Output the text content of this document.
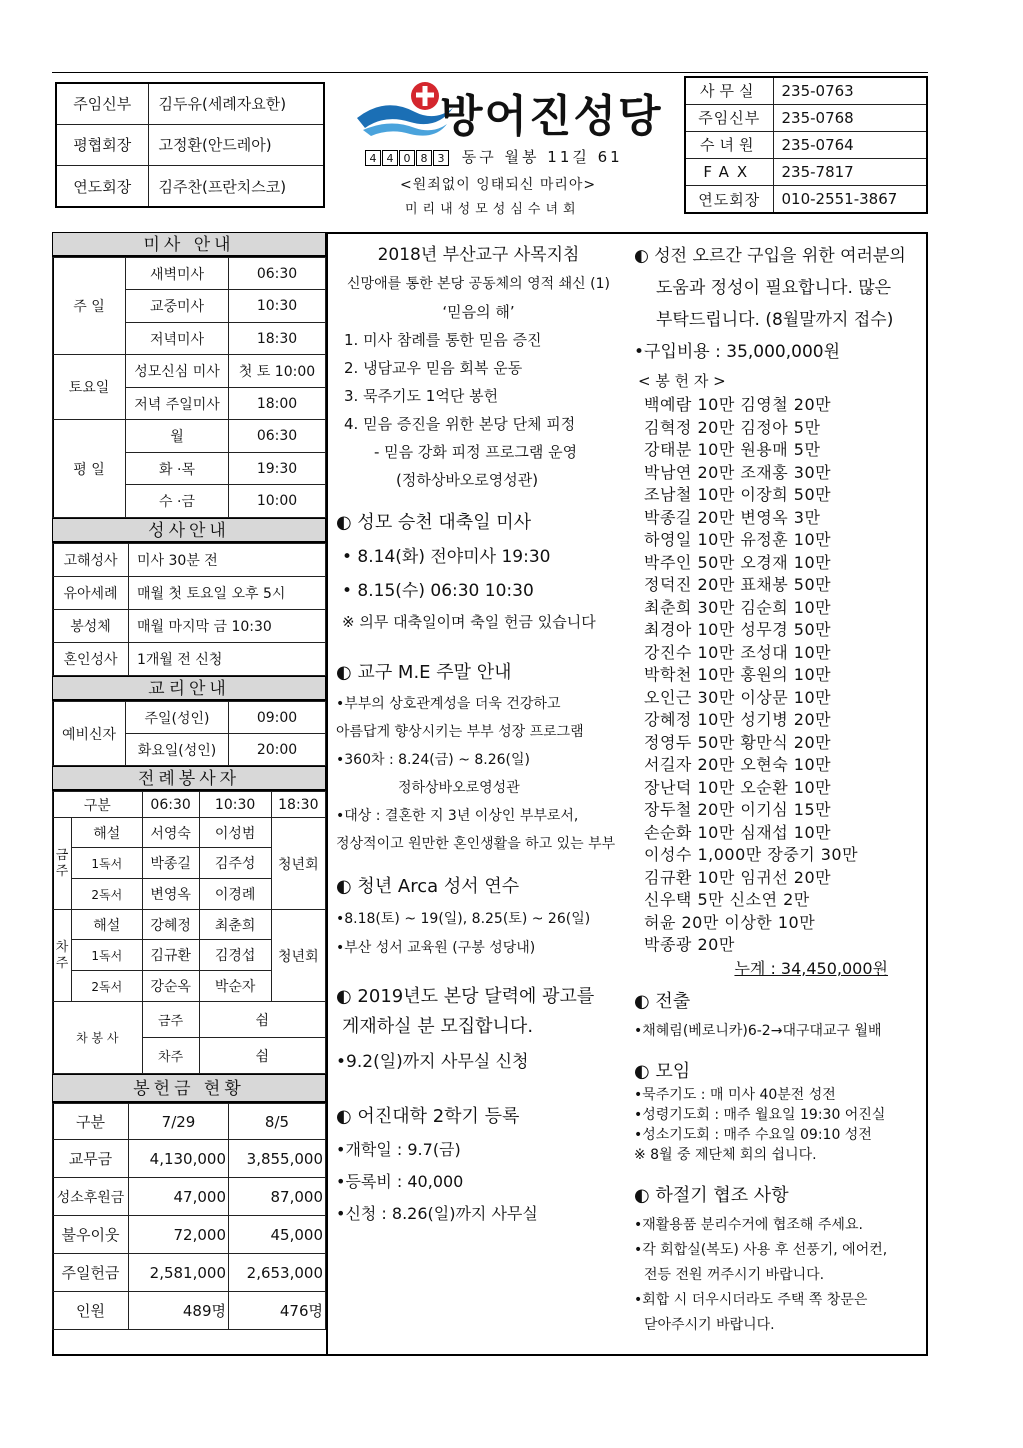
주임신부	김두유(세례자요한)
평협회장	고정환(안드레아)
연도회장	김주찬(프란치스코)
방어진성당
4 4 0 8 3 동구 월봉 11길 61
<원죄없이 잉태되신 마리아>
미리내성모성심수녀회
사무실	235-0763
주임신부	235-0768
수녀원	235-0764
FAX	235-7817
연도회장	010-2551-3867
미사 안내
주 일	새벽미사	06:30
	교중미사	10:30
	저녁미사	18:30
토요일	성모신심 미사	첫 토 10:00
	저녁 주일미사	18:00
평 일	월	06:30
	화 ·목	19:30
	수 ·금	10:00
성사안내
고해성사	미사 30분 전
유아세례	매월 첫 토요일 오후 5시
봉성체	매월 마지막 금 10:30
혼인성사	1개월 전 신청
교리안내
예비신자	주일(성인)	09:00
	화요일(성인)	20:00
전례봉사자
구분		06:30	10:30	18:30
금주	해설	서영숙	이성범	청년회
	1독서	박종길	김주성	
	2독서	변영옥	이경례	
차주	해설	강혜정	최춘희	청년회
	1독서	김규환	김경섭	
	2독서	강순옥	박순자	
차 봉 사		금주	쉼	
		차주	쉼	
봉헌금 현황
구분	7/29	8/5
교무금	4,130,000	3,855,000
성소후원금	47,000	87,000
불우이웃	72,000	45,000
주일헌금	2,581,000	2,653,000
인원	489명	476명
2018년 부산교구 사목지침
신망애를 통한 본당 공동체의 영적 쇄신 (1)
‘믿음의 해’
1. 미사 참례를 통한 믿음 증진
2. 냉담교우 믿음 회복 운동
3. 묵주기도 1억단 봉헌
4. 믿음 증진을 위한 본당 단체 피정
- 믿음 강화 피정 프로그램 운영
(정하상바오로영성관)
◐ 성모 승천 대축일 미사
• 8.14(화) 전야미사 19:30
• 8.15(수) 06:30 10:30
※ 의무 대축일이며 축일 헌금 있습니다
◐ 교구 M.E 주말 안내
•부부의 상호관계성을 더욱 건강하고
아름답게 향상시키는 부부 성장 프로그램
•360차 : 8.24(금) ~ 8.26(일)
정하상바오로영성관
•대상 : 결혼한 지 3년 이상인 부부로서,
정상적이고 원만한 혼인생활을 하고 있는 부부
◐ 청년 Arca 성서 연수
•8.18(토) ~ 19(일), 8.25(토) ~ 26(일)
•부산 성서 교육원 (구봉 성당내)
◐ 2019년도 본당 달력에 광고를
게재하실 분 모집합니다.
•9.2(일)까지 사무실 신청
◐ 어진대학 2학기 등록
•개학일 : 9.7(금)
•등록비 : 40,000
•신청 : 8.26(일)까지 사무실
◐ 성전 오르간 구입을 위한 여러분의
도움과 정성이 필요합니다. 많은
부탁드립니다. (8월말까지 접수)
•구입비용 : 35,000,000원
< 봉 헌 자 >
백예람 10만 김영철 20만
김혁정 20만 김정아 5만
강태분 10만 원용매 5만
박남연 20만 조재홍 30만
조남철 10만 이장희 50만
박종길 20만 변영옥 3만
하영일 10만 유정훈 10만
박주인 50만 오경재 10만
정덕진 20만 표채봉 50만
최춘희 30만 김순희 10만
최경아 10만 성무경 50만
강진수 10만 조성대 10만
박학천 10만 홍원의 10만
오인근 30만 이상문 10만
강혜정 10만 성기병 20만
정영두 50만 황만식 20만
서길자 20만 오현숙 10만
장난덕 10만 오순환 10만
장두철 20만 이기심 15만
손순화 10만 심재섭 10만
이성수 1,000만 장중기 30만
김규환 10만 임귀선 20만
신우택 5만 신소연 2만
허윤 20만 이상한 10만
박종광 20만
누계 : 34,450,000원
◐ 전출
•채혜림(베로니카)6-2→대구대교구 월배
◐ 모임
•묵주기도 : 매 미사 40분전 성전
•성령기도회 : 매주 월요일 19:30 어진실
•성소기도회 : 매주 수요일 09:10 성전
※ 8월 중 제단체 회의 쉽니다.
◐ 하절기 협조 사항
•재활용품 분리수거에 협조해 주세요.
•각 회합실(복도) 사용 후 선풍기, 에어컨,
전등 전원 꺼주시기 바랍니다.
•회합 시 더우시더라도 주택 쪽 창문은
닫아주시기 바랍니다.
